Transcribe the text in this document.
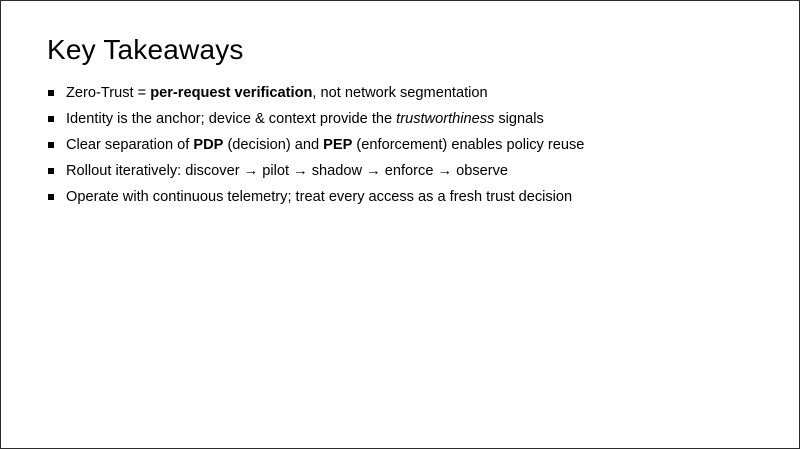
Key Takeaways
Zero-Trust = per-request verification, not network segmentation
Identity is the anchor; device & context provide the trustworthiness signals
Clear separation of PDP (decision) and PEP (enforcement) enables policy reuse
Rollout iteratively: discover → pilot → shadow → enforce → observe
Operate with continuous telemetry; treat every access as a fresh trust decision
